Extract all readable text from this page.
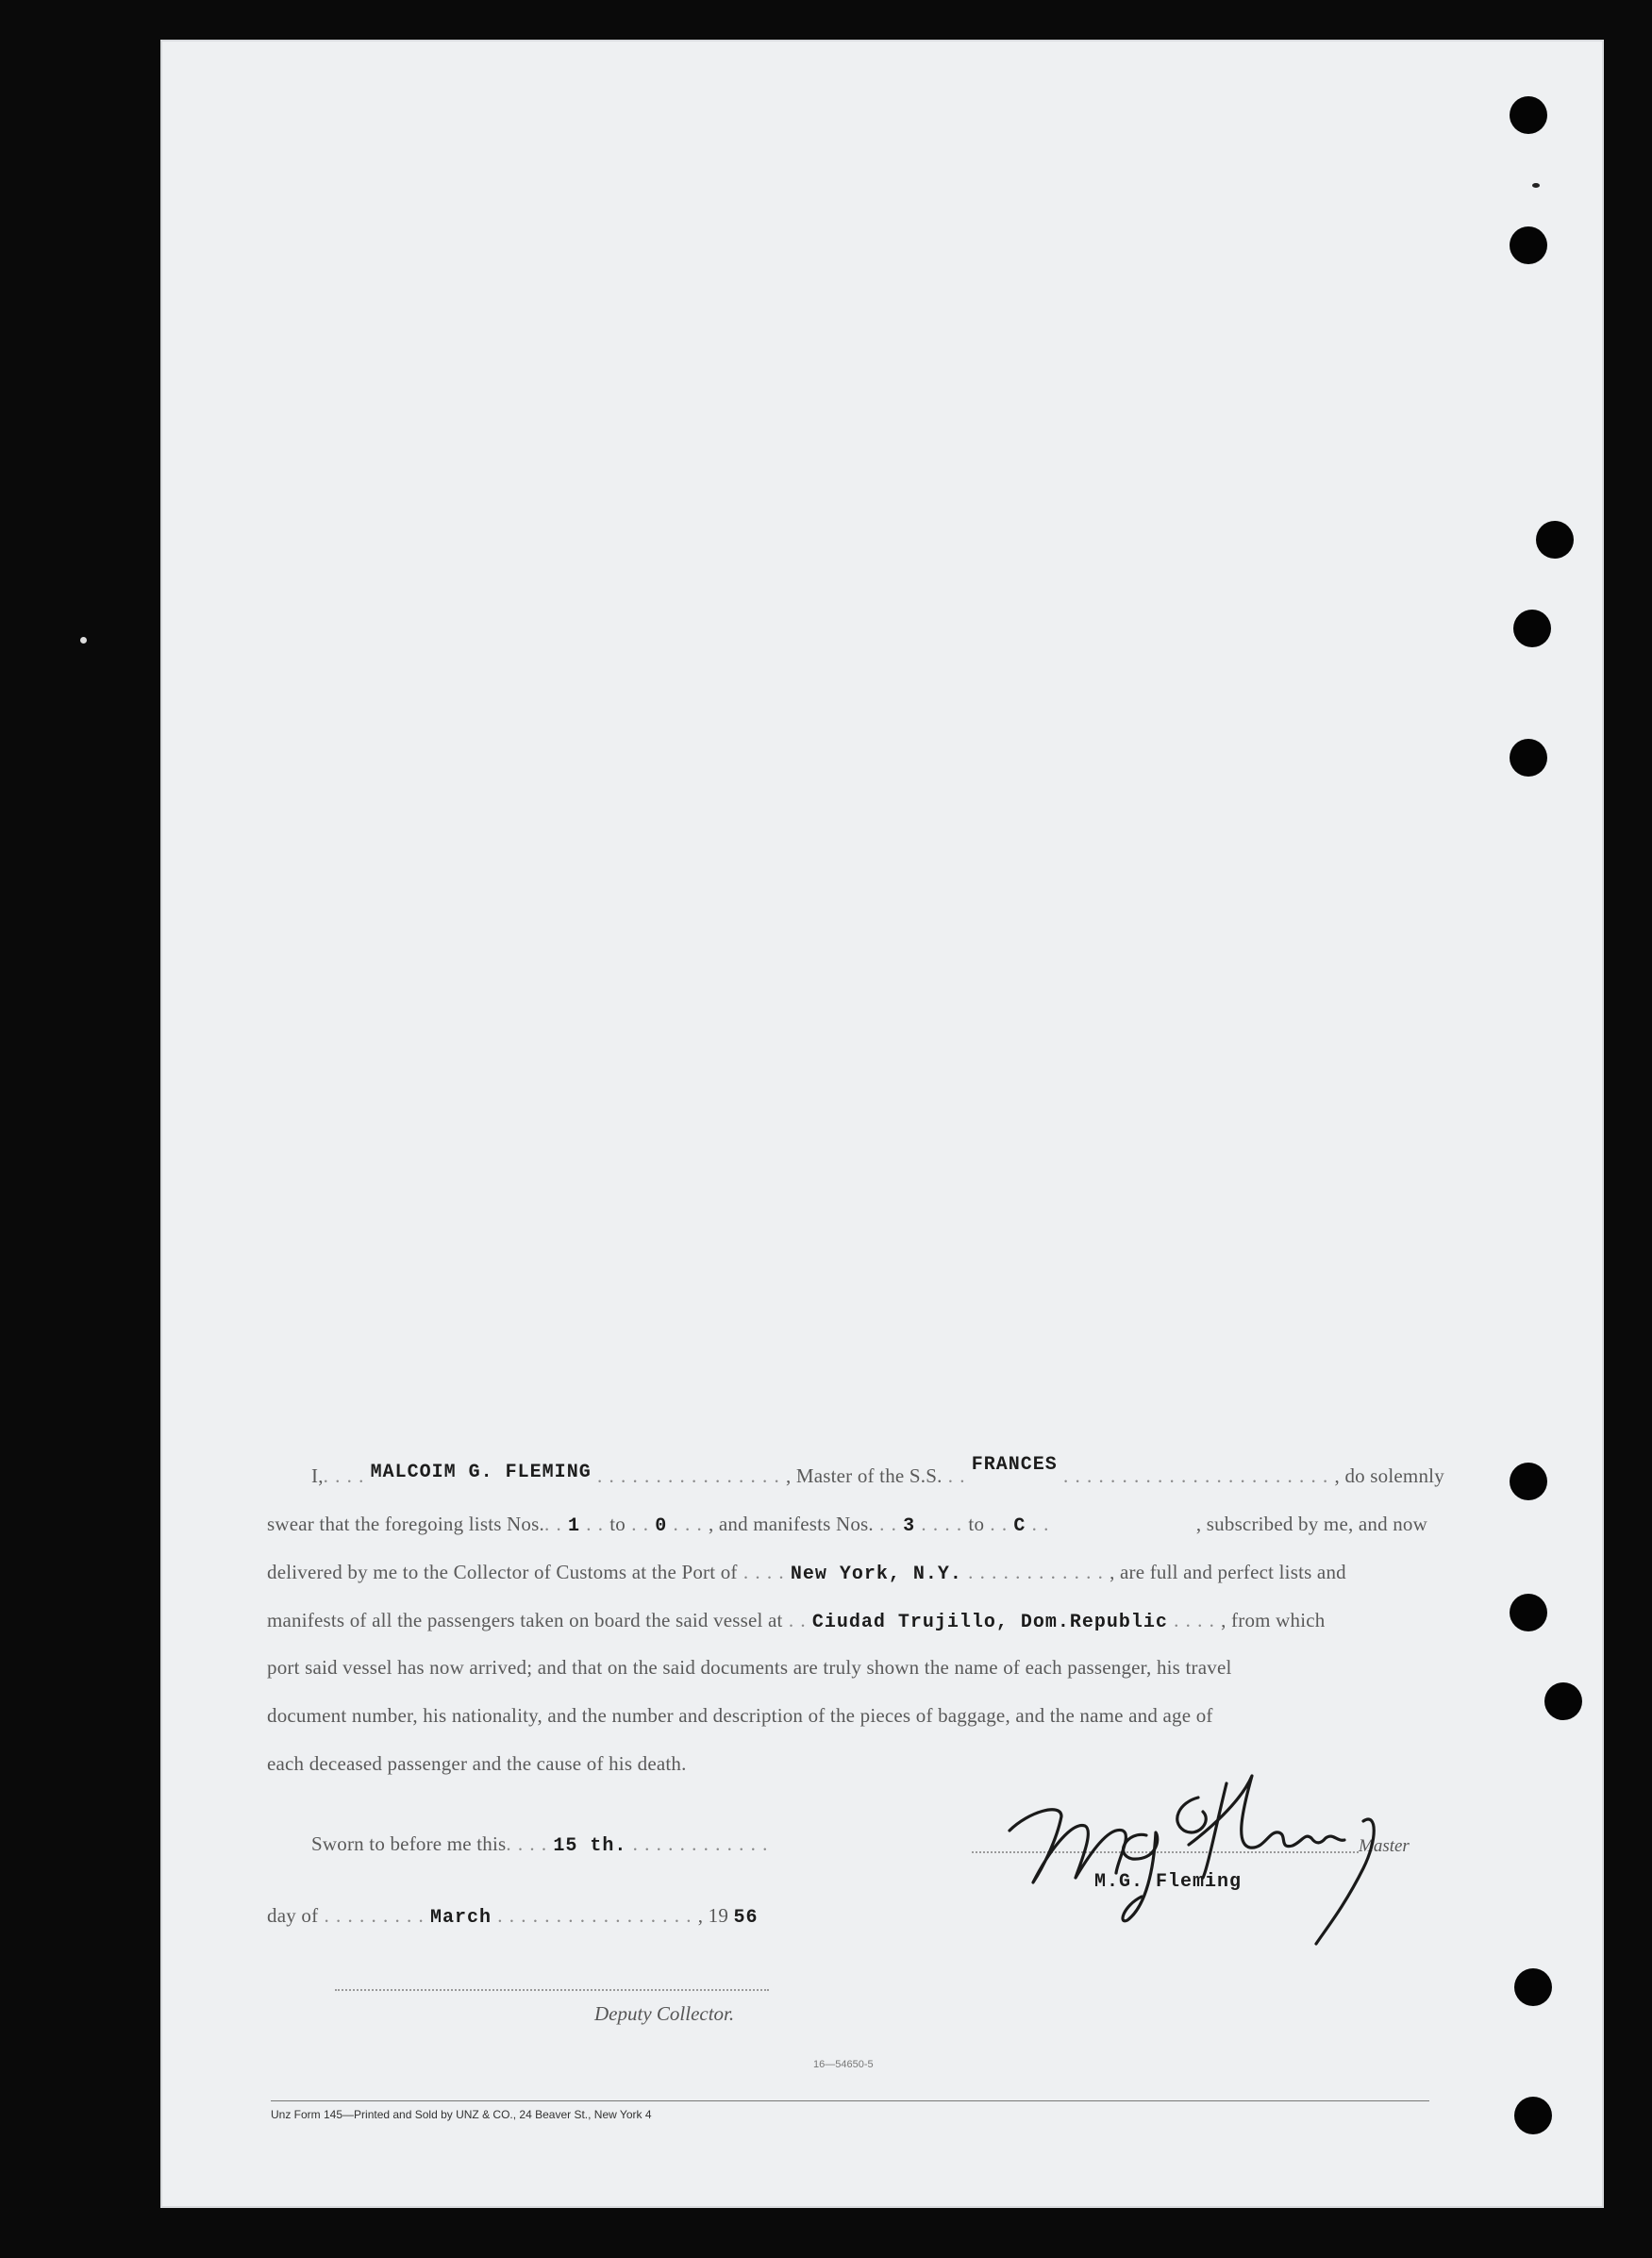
I,. . . . MALCOIM G. FLEMING . . . . . . . . . . . . . . . . , Master of the S.S. . . FRANCES . . . . . . . . . . . . . . . . . . . . . . . , do solemnly
swear that the foregoing lists Nos.. . 1 . . to . . 0 . . . , and manifests Nos. . . 3 . . . . to . . C . .	, subscribed by me, and now
delivered by me to the Collector of Customs at the Port of . . . . New York, N.Y. . . . . . . . . . . . . , are full and perfect lists and
manifests of all the passengers taken on board the said vessel at . . Ciudad Trujillo, Dom.Republic . . . . , from which
port said vessel has now arrived; and that on the said documents are truly shown the name of each passenger, his travel
document number, his nationality, and the number and description of the pieces of baggage, and the name and age of
each deceased passenger and the cause of his death.
Sworn to before me this. . . . 15 th. . . . . . . . . . . . .
day of . . . . . . . . . March . . . . . . . . . . . . . . . . . , 19 56
Deputy Collector.
Master
M.G. Fleming
16—54650-5
Unz Form 145—Printed and Sold by UNZ & CO., 24 Beaver St., New York 4
